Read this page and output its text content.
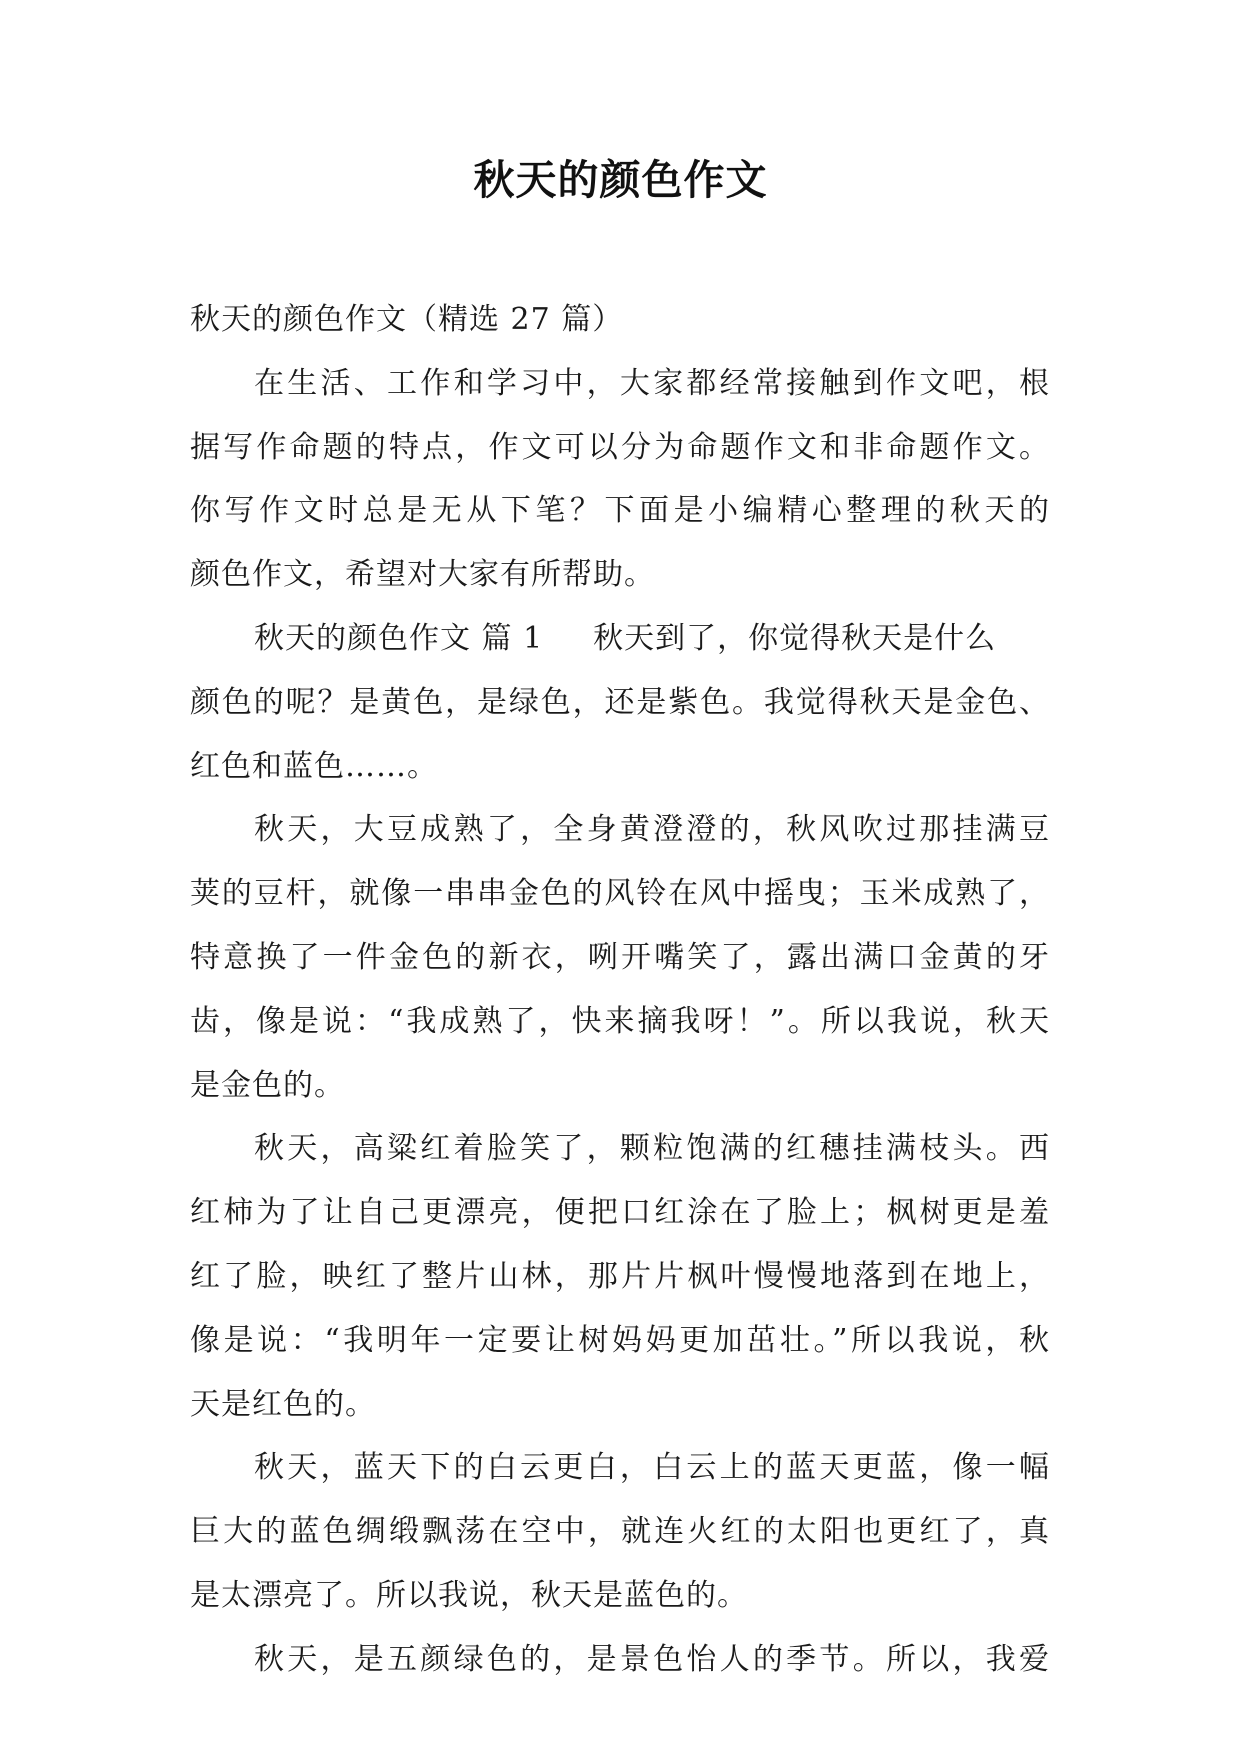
秋天的颜色作文
秋天的颜色作文（精选 27 篇）
在生活、工作和学习中，大家都经常接触到作文吧，根
据写作命题的特点，作文可以分为命题作文和非命题作文。
你写作文时总是无从下笔？下面是小编精心整理的秋天的
颜色作文，希望对大家有所帮助。
秋天的颜色作文 篇 1 秋天到了，你觉得秋天是什么
颜色的呢？是黄色，是绿色，还是紫色。我觉得秋天是金色、
红色和蓝色……。
秋天，大豆成熟了，全身黄澄澄的，秋风吹过那挂满豆
荚的豆杆，就像一串串金色的风铃在风中摇曳；玉米成熟了，
特意换了一件金色的新衣，咧开嘴笑了，露出满口金黄的牙
齿，像是说：“我成熟了，快来摘我呀！”。所以我说，秋天
是金色的。
秋天，高粱红着脸笑了，颗粒饱满的红穗挂满枝头。西
红柿为了让自己更漂亮，便把口红涂在了脸上；枫树更是羞
红了脸，映红了整片山林，那片片枫叶慢慢地落到在地上，
像是说：“我明年一定要让树妈妈更加茁壮。”所以我说，秋
天是红色的。
秋天，蓝天下的白云更白，白云上的蓝天更蓝，像一幅
巨大的蓝色绸缎飘荡在空中，就连火红的太阳也更红了，真
是太漂亮了。所以我说，秋天是蓝色的。
秋天，是五颜绿色的，是景色怡人的季节。所以，我爱
